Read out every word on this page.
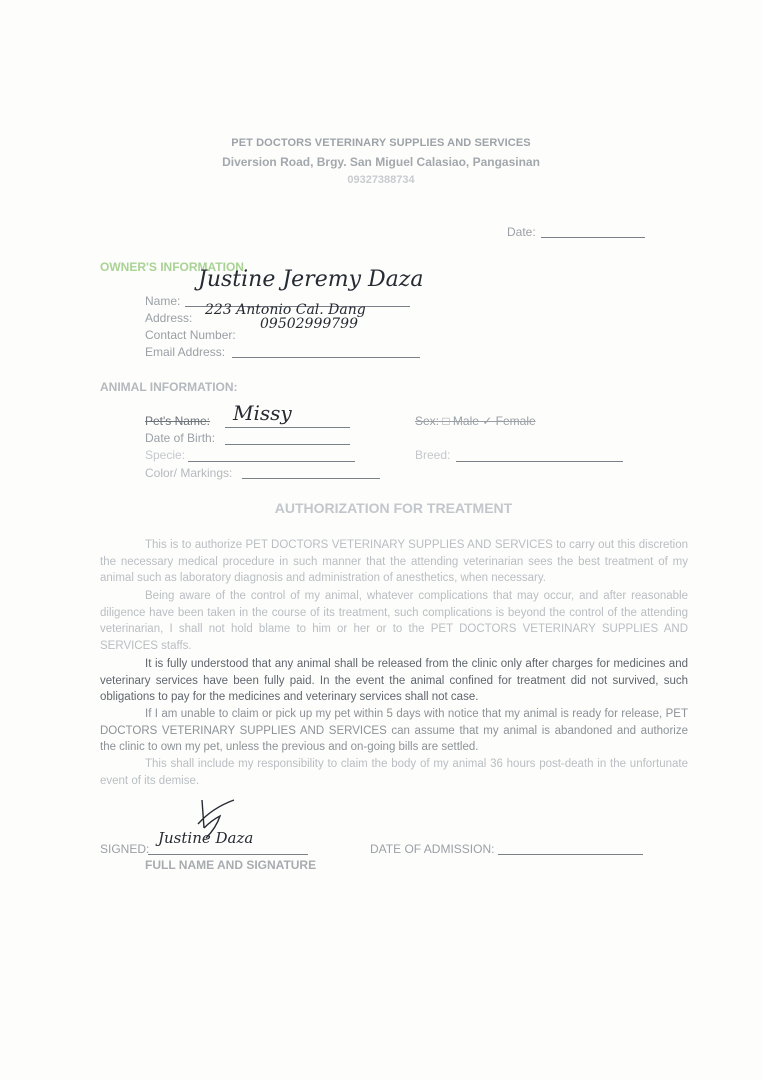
PET DOCTORS VETERINARY SUPPLIES AND SERVICES
Diversion Road, Brgy. San Miguel Calasiao, Pangasinan
09327388734
Date:
OWNER'S INFORMATION
Name:
Justine Jeremy Daza
Address: 223 Antonio Cal. Dang
Contact Number:
09502999799
Email Address:
ANIMAL INFORMATION:
Pet's Name: Missy	Sex: □ Male ✓ Female
Date of Birth:
Specie:	Breed:
Color/ Markings:
AUTHORIZATION FOR TREATMENT

This is to authorize PET DOCTORS VETERINARY SUPPLIES AND SERVICES to carry out this discretion the necessary medical procedure in such manner that the attending veterinarian sees the best treatment of my animal such as laboratory diagnosis and administration of anesthetics, when necessary.

Being aware of the control of my animal, whatever complications that may occur, and after reasonable diligence have been taken in the course of its treatment, such complications is beyond the control of the attending veterinarian, I shall not hold blame to him or her or to the PET DOCTORS VETERINARY SUPPLIES AND SERVICES staffs.

It is fully understood that any animal shall be released from the clinic only after charges for medicines and veterinary services have been fully paid. In the event the animal confined for treatment did not survived, such obligations to pay for the medicines and veterinary services shall not case.

If I am unable to claim or pick up my pet within 5 days with notice that my animal is ready for release, PET DOCTORS VETERINARY SUPPLIES AND SERVICES can assume that my animal is abandoned and authorize the clinic to own my pet, unless the previous and on-going bills are settled.

This shall include my responsibility to claim the body of my animal 36 hours post-death in the unfortunate event of its demise.

SIGNED:
Justine Daza
FULL NAME AND SIGNATURE
DATE OF ADMISSION:
